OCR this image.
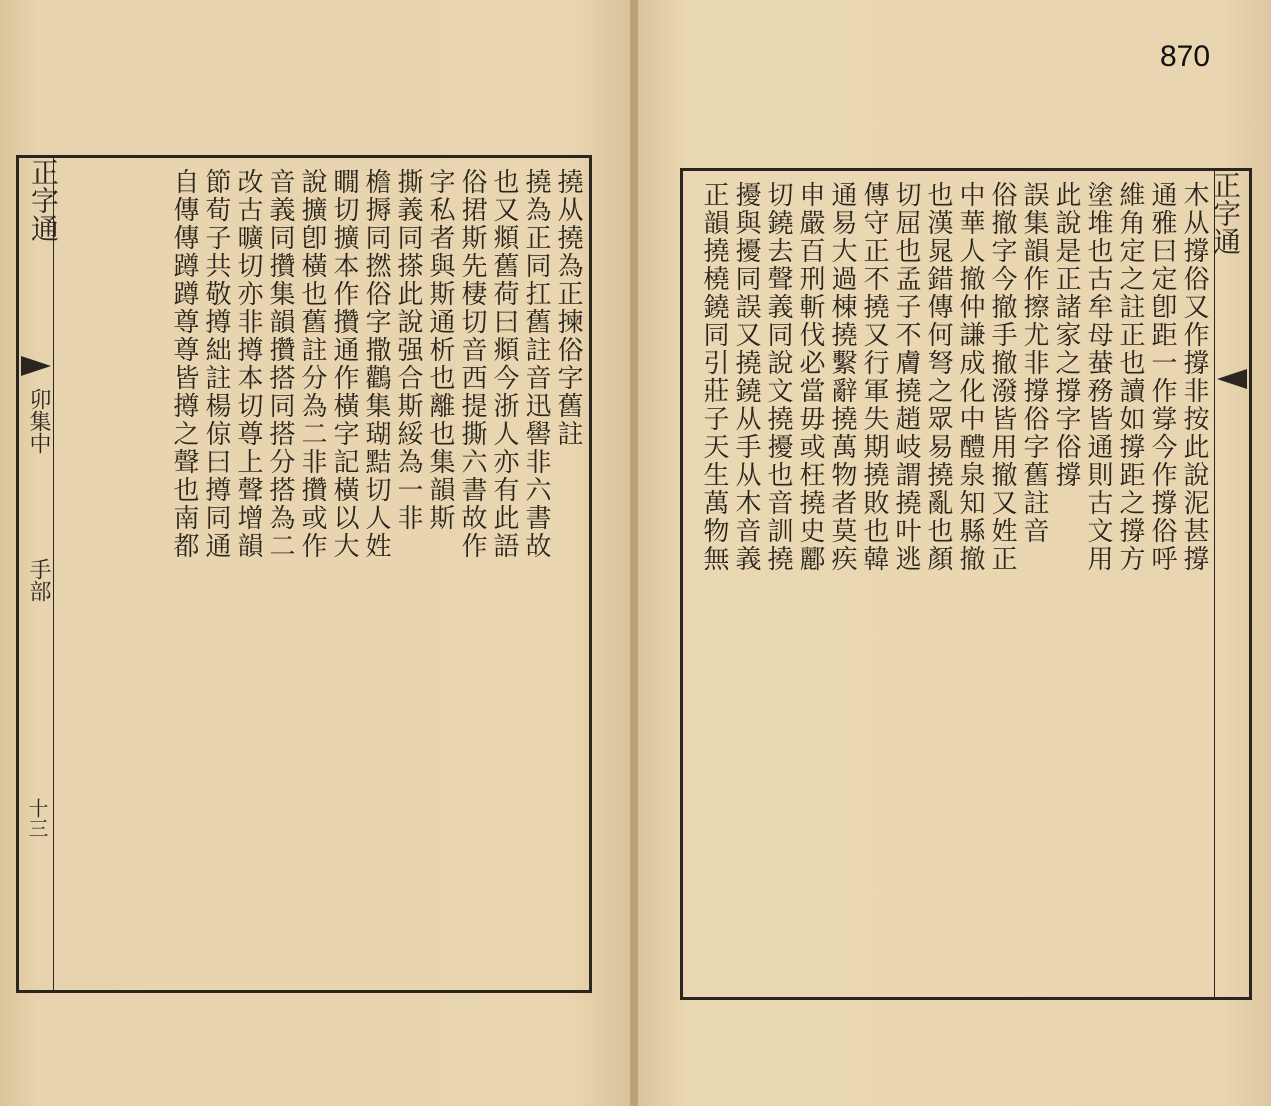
870
正字通
卯集中
手部
十三
撓从撓為正揀俗字舊註
撓為正同扛舊註音迅嚳非六書故
也又頫舊荷曰頫今浙人亦有此語
俗捃斯先棲切音西提撕六書故作
字私者與斯通析也離也集韻斯
撕義同搽此說强合斯綏為一非
檐搙同撚俗字撒鸛集瑚黠切人姓
瞯切擴本作攢通作橫字記橫以大
說擴卽橫也舊註分為二非攢或作
音義同攢集韻攢搭同搭分搭為二
改古曠切亦非撙本切尊上聲增韻
節荀子共敬撙絀註楊倞曰撙同通
自傳傳蹲蹲尊尊皆撙之聲也南都	正字通
木从撐俗又作撐非按此說泥甚撐
通雅曰定卽距一作牚今作撐俗呼
維角定之註正也讀如撐距之撐方
塗堆也古牟母蛬務皆通則古文用
此說是正諸家之撐字俗撐
誤集韻作擦尤非撐俗字舊註音
俗撤字今撤手撤潑皆用撤又姓正
中華人撤仲謙成化中醴泉知縣撤
也漢晁錯傳何弩之眾易撓亂也顏
切屈也孟子不膚撓趙岐謂撓叶逃
傳守正不撓又行軍失期撓敗也韓
通易大過棟撓繫辭撓萬物者莫疾
申嚴百刑斬伐必當毋或枉撓史酈
切鐃去聲義同說文撓擾也音訓撓
擾與擾同誤又撓鐃从手从木音義
正韻撓橈鐃同引莊子天生萬物無
